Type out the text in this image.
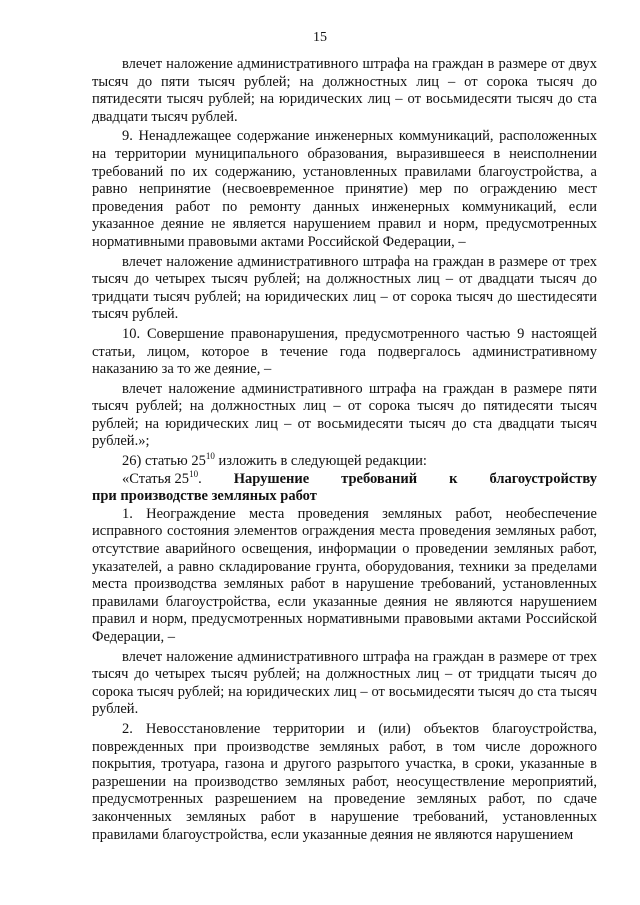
15

влечет наложение административного штрафа на граждан в размере от двух тысяч до пяти тысяч рублей; на должностных лиц – от сорока тысяч до пятидесяти тысяч рублей; на юридических лиц – от восьмидесяти тысяч до ста двадцати тысяч рублей.

9. Ненадлежащее содержание инженерных коммуникаций, расположенных на территории муниципального образования, выразившееся в неисполнении требований по их содержанию, установленных правилами благоустройства, а равно непринятие (несвоевременное принятие) мер по ограждению мест проведения работ по ремонту данных инженерных коммуникаций, если указанное деяние не является нарушением правил и норм, предусмотренных нормативными правовыми актами Российской Федерации, –

влечет наложение административного штрафа на граждан в размере от трех тысяч до четырех тысяч рублей; на должностных лиц – от двадцати тысяч до тридцати тысяч рублей; на юридических лиц – от сорока тысяч до шестидесяти тысяч рублей.

10. Совершение правонарушения, предусмотренного частью 9 настоящей статьи, лицом, которое в течение года подвергалось административному наказанию за то же деяние, –

влечет наложение административного штрафа на граждан в размере пяти тысяч рублей; на должностных лиц – от сорока тысяч до пятидесяти тысяч рублей; на юридических лиц – от восьмидесяти тысяч до ста двадцати тысяч рублей.»;

26) статью $25^{10}$ изложить в следующей редакции:

«Статья $25^{10}$. Нарушение требований к благоустройству

при производстве земляных работ

1. Неограждение места проведения земляных работ, необеспечение исправного состояния элементов ограждения места проведения земляных работ, отсутствие аварийного освещения, информации о проведении земляных работ, указателей, а равно складирование грунта, оборудования, техники за пределами места производства земляных работ в нарушение требований, установленных правилами благоустройства, если указанные деяния не являются нарушением правил и норм, предусмотренных нормативными правовыми актами Российской Федерации, –

влечет наложение административного штрафа на граждан в размере от трех тысяч до четырех тысяч рублей; на должностных лиц – от тридцати тысяч до сорока тысяч рублей; на юридических лиц – от восьмидесяти тысяч до ста тысяч рублей.

2. Невосстановление территории и (или) объектов благоустройства, поврежденных при производстве земляных работ, в том числе дорожного покрытия, тротуара, газона и другого разрытого участка, в сроки, указанные в разрешении на производство земляных работ, неосуществление мероприятий, предусмотренных разрешением на проведение земляных работ, по сдаче законченных земляных работ в нарушение требований, установленных правилами благоустройства, если указанные деяния не являются нарушением
